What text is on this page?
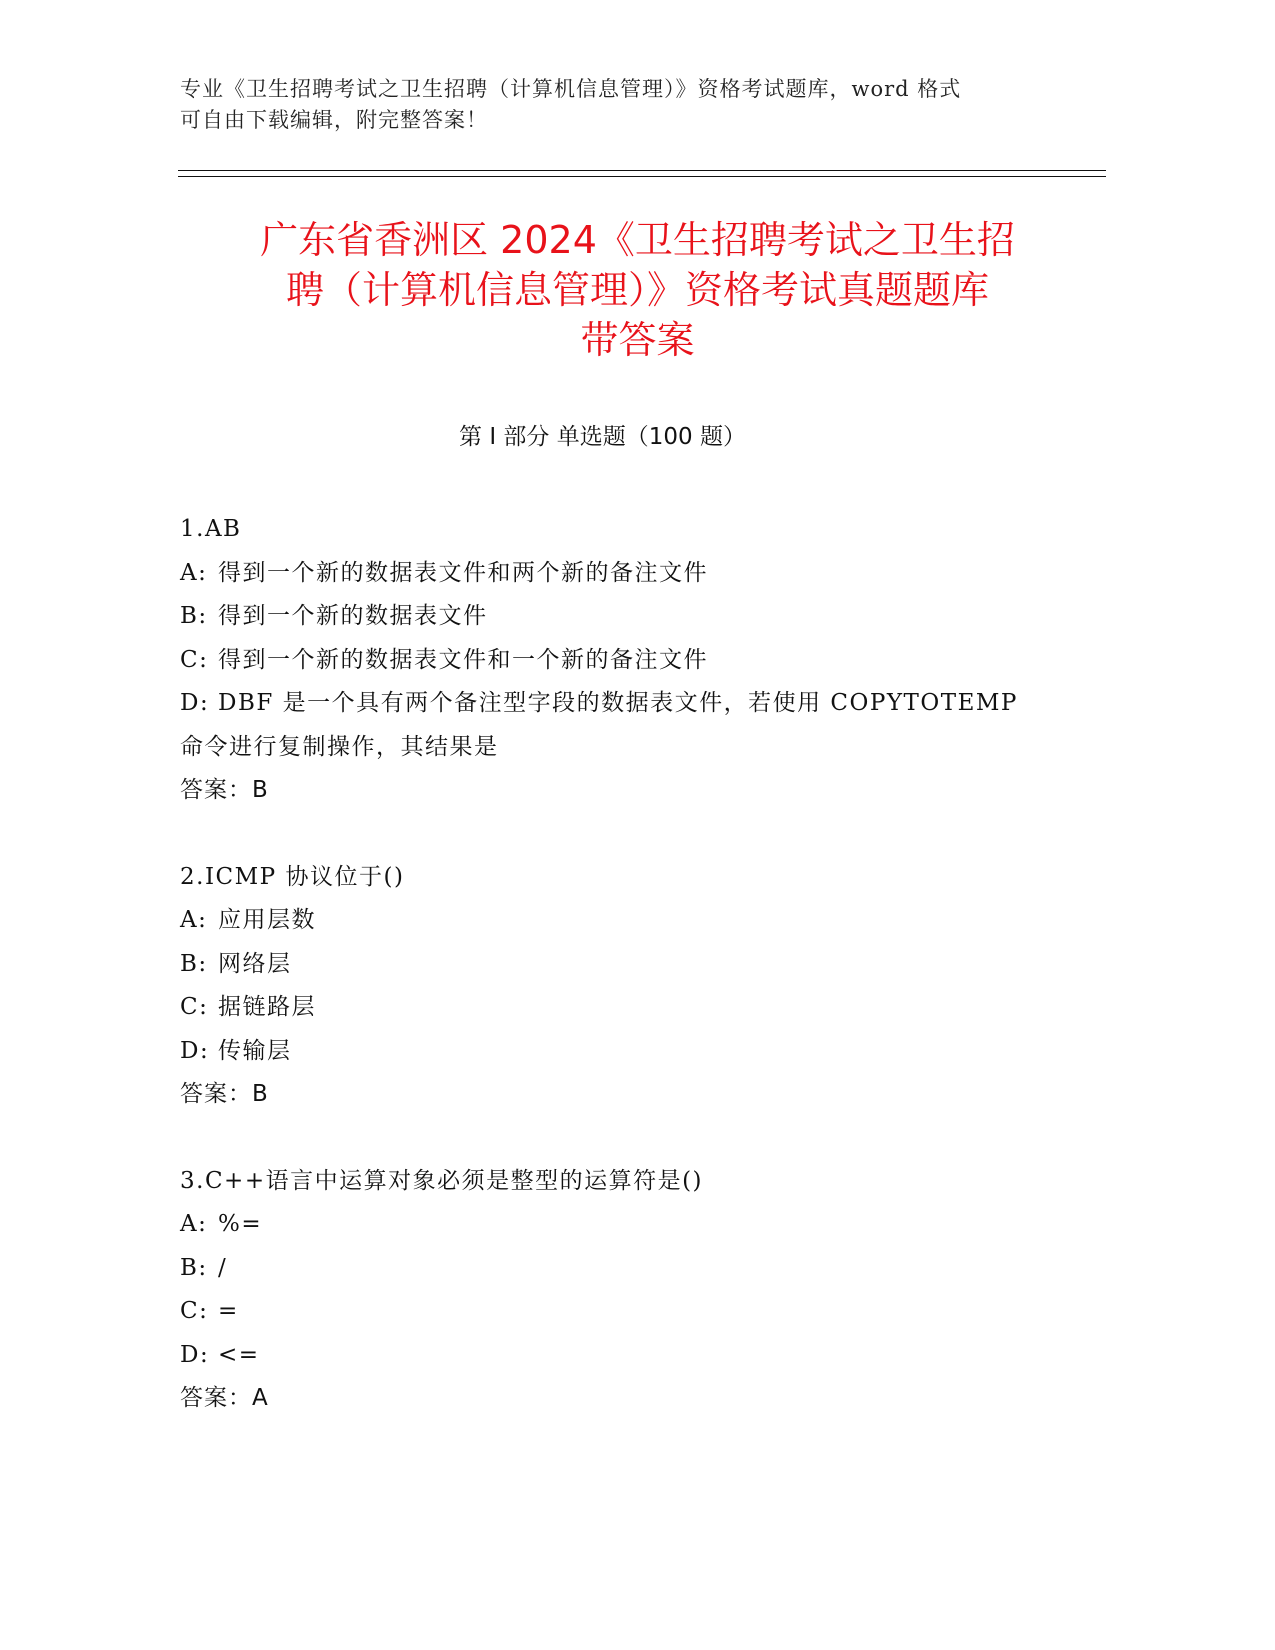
专业《卫生招聘考试之卫生招聘（计算机信息管理）》资格考试题库，word 格式
可自由下载编辑，附完整答案！
广东省香洲区 2024《卫生招聘考试之卫生招
聘（计算机信息管理）》资格考试真题题库
带答案
第 I 部分 单选题（100 题）
1.AB
A: 得到一个新的数据表文件和两个新的备注文件
B: 得到一个新的数据表文件
C: 得到一个新的数据表文件和一个新的备注文件
D: DBF 是一个具有两个备注型字段的数据表文件，若使用 COPYTOTEMP
命令进行复制操作，其结果是
答案：B
2.ICMP 协议位于()
A: 应用层数
B: 网络层
C: 据链路层
D: 传输层
答案：B
3.C++语言中运算对象必须是整型的运算符是()
A: %=
B: /
C: =
D: <=
答案：A
